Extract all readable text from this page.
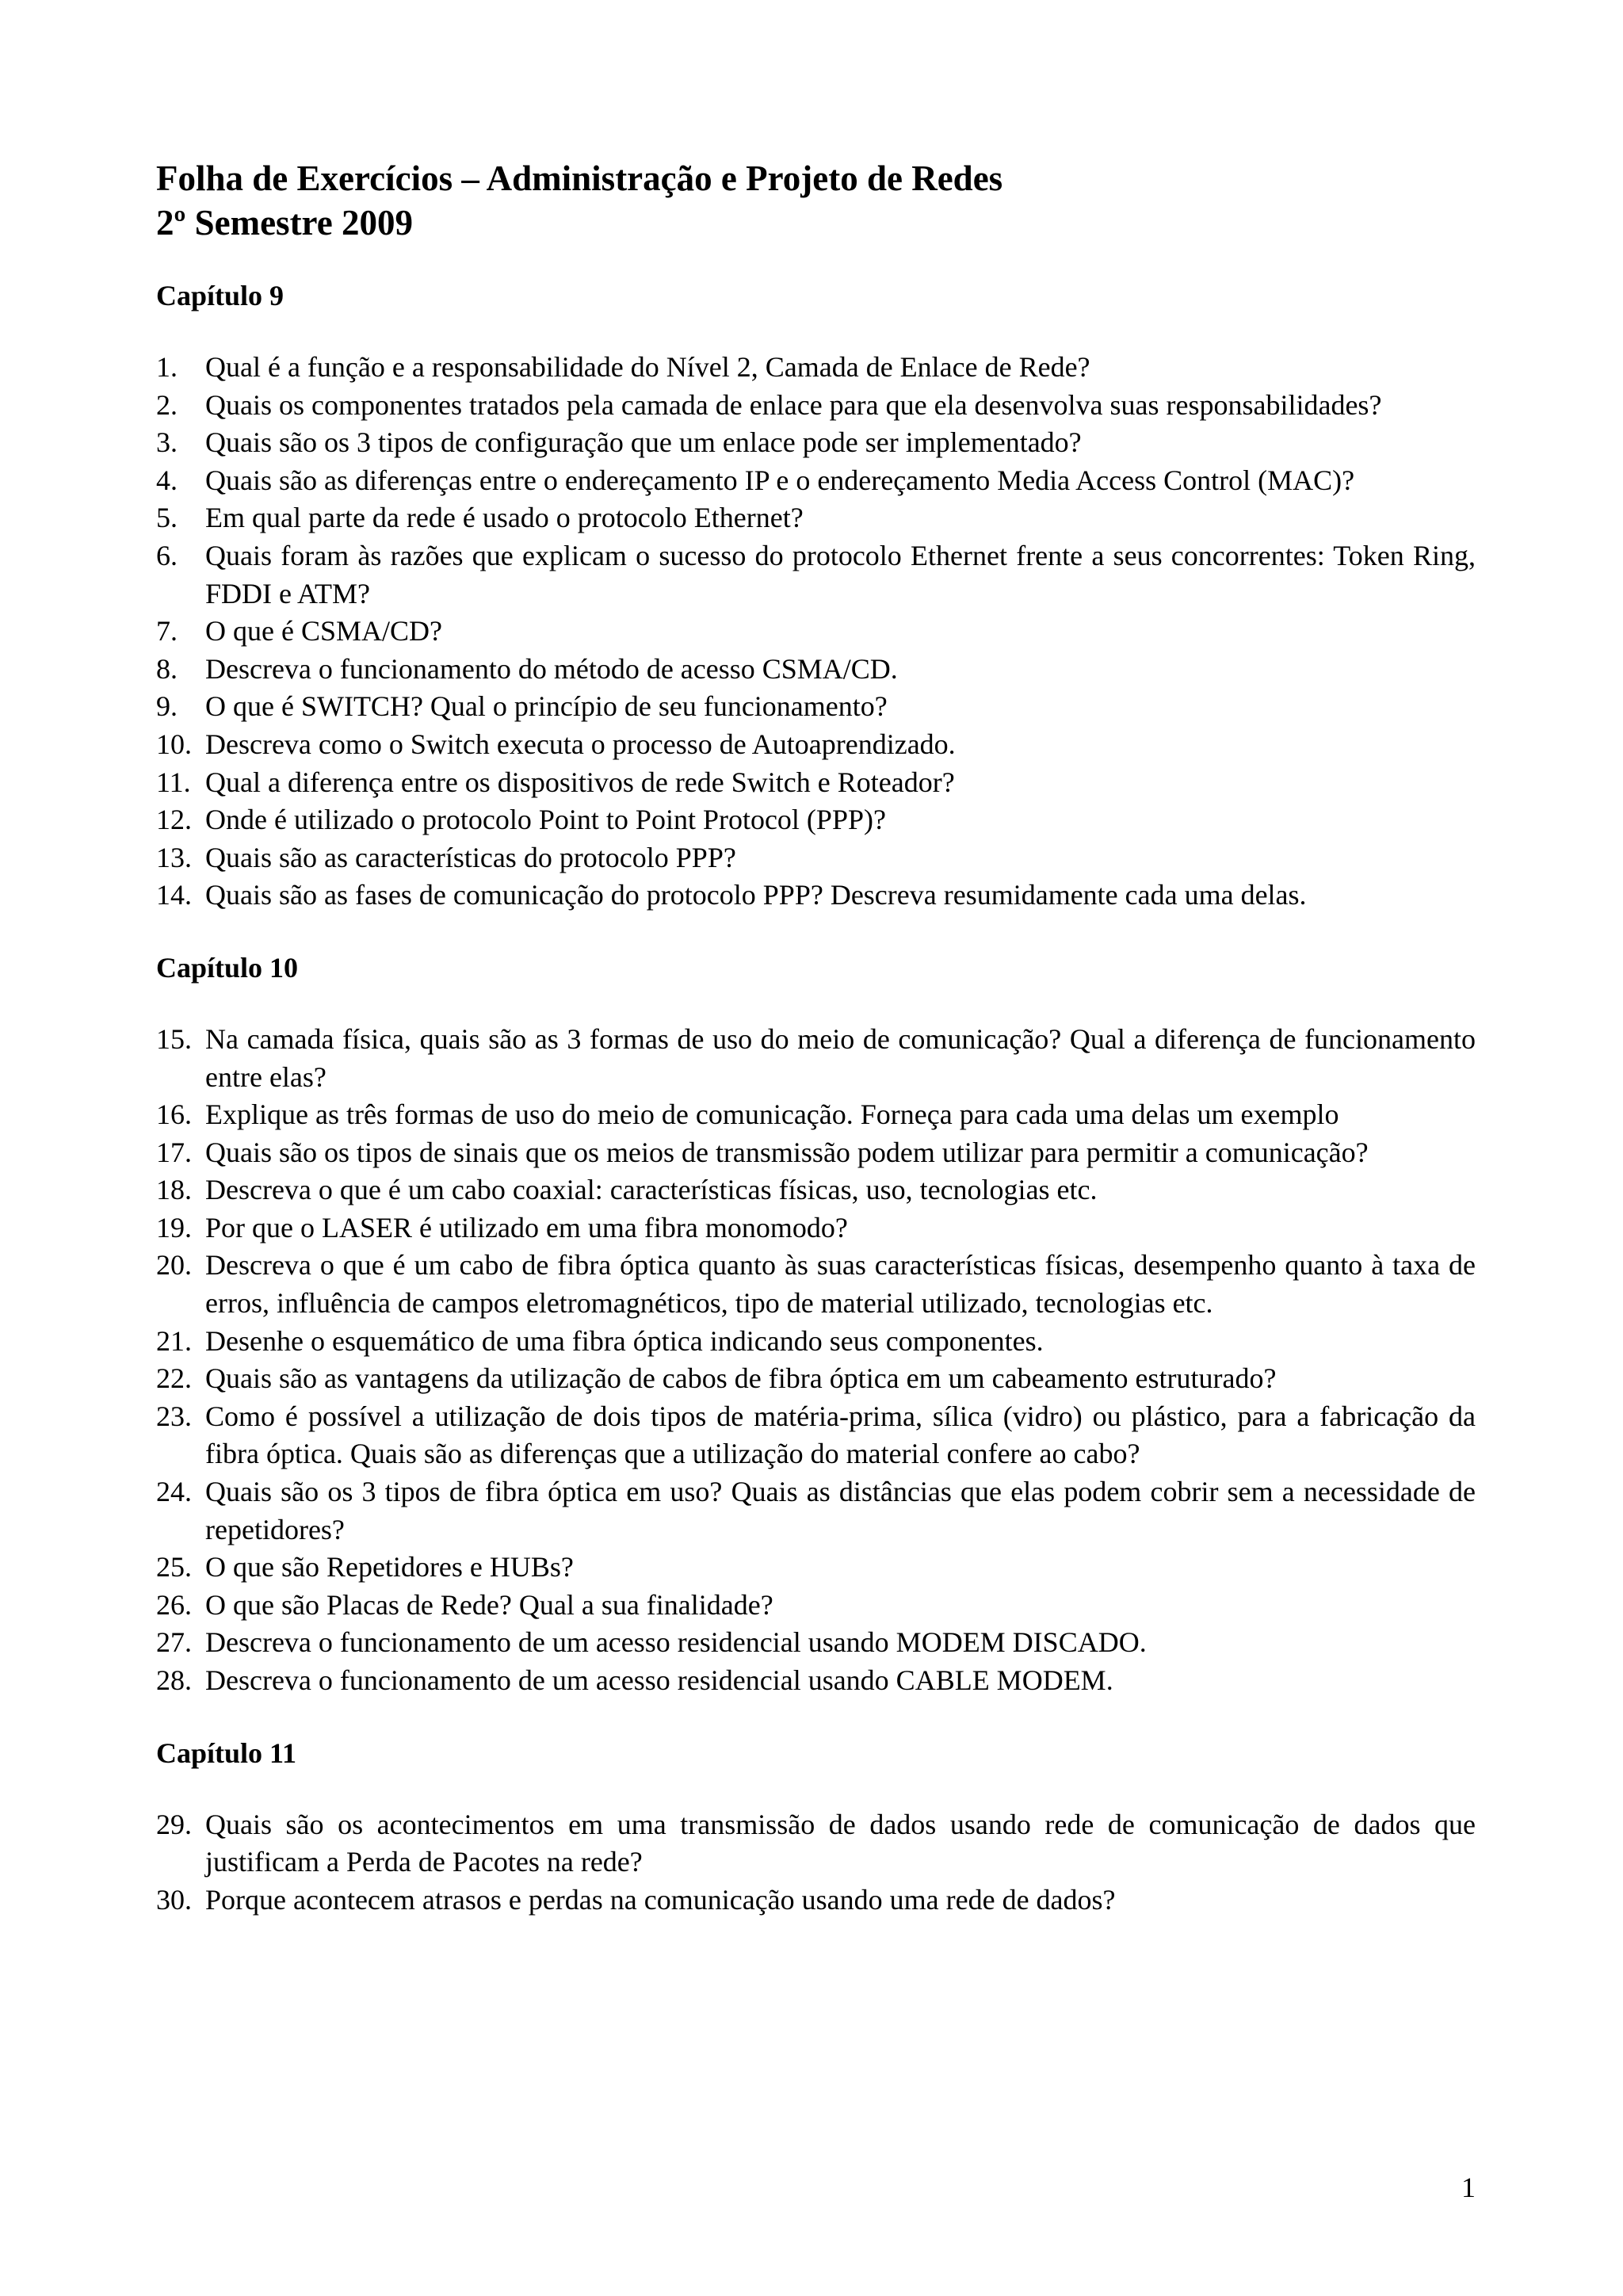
Folha de Exercícios – Administração e Projeto de Redes
2º Semestre 2009
Capítulo 9
1. Qual é a função e a responsabilidade do Nível 2, Camada de Enlace de Rede?
2. Quais os componentes tratados pela camada de enlace para que ela desenvolva suas responsabilidades?
3. Quais são os 3 tipos de configuração que um enlace pode ser implementado?
4. Quais são as diferenças entre o endereçamento IP e o endereçamento Media Access Control (MAC)?
5. Em qual parte da rede é usado o protocolo Ethernet?
6. Quais foram às razões que explicam o sucesso do protocolo Ethernet frente a seus concorrentes: Token Ring, FDDI e ATM?
7. O que é CSMA/CD?
8. Descreva o funcionamento do método de acesso CSMA/CD.
9. O que é SWITCH? Qual o princípio de seu funcionamento?
10. Descreva como o Switch executa o processo de Autoaprendizado.
11. Qual a diferença entre os dispositivos de rede Switch e Roteador?
12. Onde é utilizado o protocolo Point to Point Protocol (PPP)?
13. Quais são as características do protocolo PPP?
14. Quais são as fases de comunicação do protocolo PPP? Descreva resumidamente cada uma delas.
Capítulo 10
15. Na camada física, quais são as 3 formas de uso do meio de comunicação? Qual a diferença de funcionamento entre elas?
16. Explique as três formas de uso do meio de comunicação. Forneça para cada uma delas um exemplo
17. Quais são os tipos de sinais que os meios de transmissão podem utilizar para permitir a comunicação?
18. Descreva o que é um cabo coaxial: características físicas, uso, tecnologias etc.
19. Por que o LASER é utilizado em uma fibra monomodo?
20. Descreva o que é um cabo de fibra óptica quanto às suas características físicas, desempenho quanto à taxa de erros, influência de campos eletromagnéticos, tipo de material utilizado, tecnologias etc.
21. Desenhe o esquemático de uma fibra óptica indicando seus componentes.
22. Quais são as vantagens da utilização de cabos de fibra óptica em um cabeamento estruturado?
23. Como é possível a utilização de dois tipos de matéria-prima, sílica (vidro) ou plástico, para a fabricação da fibra óptica. Quais são as diferenças que a utilização do material confere ao cabo?
24. Quais são os 3 tipos de fibra óptica em uso? Quais as distâncias que elas podem cobrir sem a necessidade de repetidores?
25. O que são Repetidores e HUBs?
26. O que são Placas de Rede? Qual a sua finalidade?
27. Descreva o funcionamento de um acesso residencial usando MODEM DISCADO.
28. Descreva o funcionamento de um acesso residencial usando CABLE MODEM.
Capítulo 11
29. Quais são os acontecimentos em uma transmissão de dados usando rede de comunicação de dados que justificam a Perda de Pacotes na rede?
30. Porque acontecem atrasos e perdas na comunicação usando uma rede de dados?
1
